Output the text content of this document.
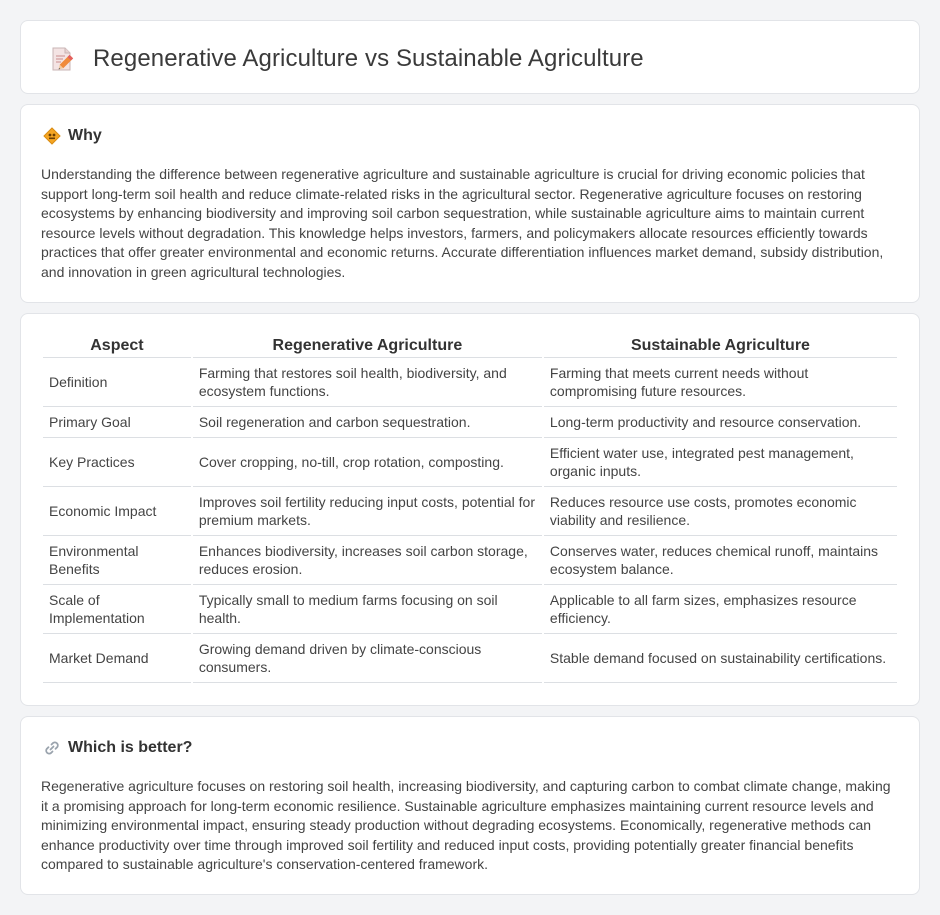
Regenerative Agriculture vs Sustainable Agriculture
Why

Understanding the difference between regenerative agriculture and sustainable agriculture is crucial for driving economic policies that support long-term soil health and reduce climate-related risks in the agricultural sector. Regenerative agriculture focuses on restoring ecosystems by enhancing biodiversity and improving soil carbon sequestration, while sustainable agriculture aims to maintain current resource levels without degradation. This knowledge helps investors, farmers, and policymakers allocate resources efficiently towards practices that offer greater environmental and economic returns. Accurate differentiation influences market demand, subsidy distribution, and innovation in green agricultural technologies.

Aspect	Regenerative Agriculture	Sustainable Agriculture
Definition	Farming that restores soil health, biodiversity, and ecosystem functions.	Farming that meets current needs without compromising future resources.
Primary Goal	Soil regeneration and carbon sequestration.	Long-term productivity and resource conservation.
Key Practices	Cover cropping, no-till, crop rotation, composting.	Efficient water use, integrated pest management, organic inputs.
Economic Impact	Improves soil fertility reducing input costs, potential for premium markets.	Reduces resource use costs, promotes economic viability and resilience.
Environmental Benefits	Enhances biodiversity, increases soil carbon storage, reduces erosion.	Conserves water, reduces chemical runoff, maintains ecosystem balance.
Scale of Implementation	Typically small to medium farms focusing on soil health.	Applicable to all farm sizes, emphasizes resource efficiency.
Market Demand	Growing demand driven by climate-conscious consumers.	Stable demand focused on sustainability certifications.
Which is better?

Regenerative agriculture focuses on restoring soil health, increasing biodiversity, and capturing carbon to combat climate change, making it a promising approach for long-term economic resilience. Sustainable agriculture emphasizes maintaining current resource levels and minimizing environmental impact, ensuring steady production without degrading ecosystems. Economically, regenerative methods can enhance productivity over time through improved soil fertility and reduced input costs, providing potentially greater financial benefits compared to sustainable agriculture's conservation-centered framework.
